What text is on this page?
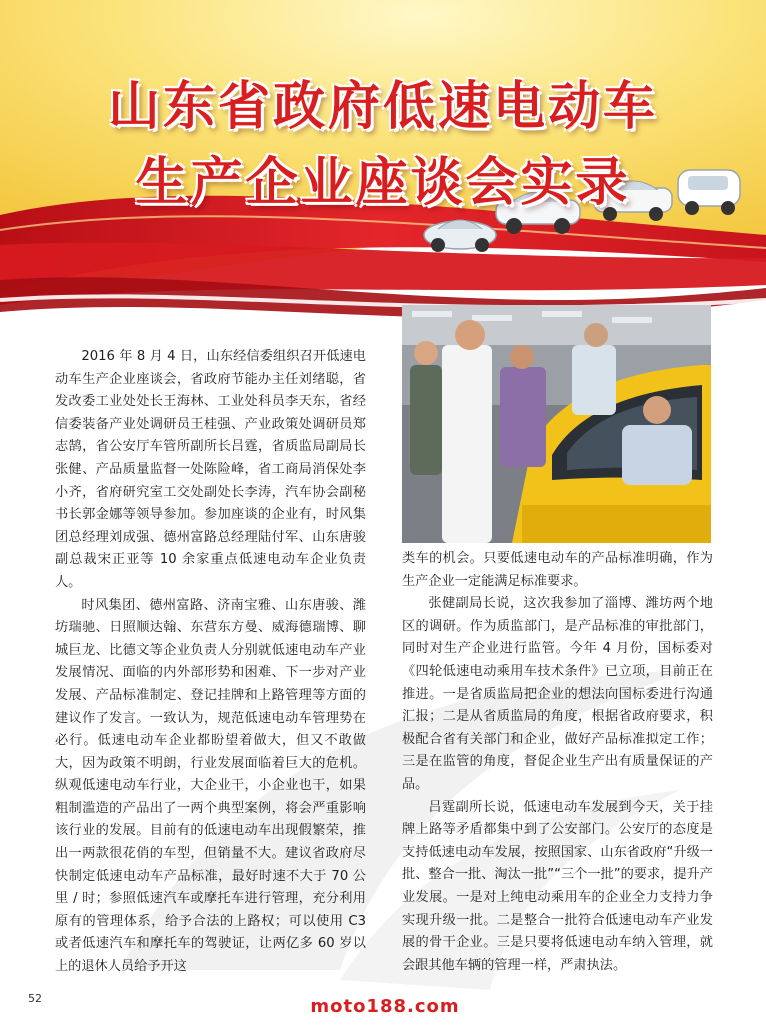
山东省政府低速电动车
生产企业座谈会实录

2016 年 8 月 4 日，山东经信委组织召开低速电动车生产企业座谈会，省政府节能办主任刘绪聪，省发改委工业处处长王海林、工业处科员李天东，省经信委装备产业处调研员王桂强、产业政策处调研员郑志鹄，省公安厅车管所副所长吕霆，省质监局副局长张健、产品质量监督一处陈险峰，省工商局消保处李小齐，省府研究室工交处副处长李涛，汽车协会副秘书长郭金娜等领导参加。参加座谈的企业有，时风集团总经理刘成强、德州富路总经理陆付军、山东唐骏副总裁宋正亚等 10 余家重点低速电动车企业负责人。

时风集团、德州富路、济南宝雅、山东唐骏、潍坊瑞驰、日照顺达翰、东营东方曼、威海德瑞博、聊城巨龙、比德文等企业负责人分别就低速电动车产业发展情况、面临的内外部形势和困难、下一步对产业发展、产品标准制定、登记挂牌和上路管理等方面的建议作了发言。一致认为，规范低速电动车管理势在必行。低速电动车企业都盼望着做大，但又不敢做大，因为政策不明朗，行业发展面临着巨大的危机。纵观低速电动车行业，大企业干，小企业也干，如果粗制滥造的产品出了一两个典型案例，将会严重影响该行业的发展。目前有的低速电动车出现假繁荣，推出一两款很花俏的车型，但销量不大。建议省政府尽快制定低速电动车产品标准，最好时速不大于 70 公里 / 时；参照低速汽车或摩托车进行管理，充分利用原有的管理体系，给予合法的上路权；可以使用 C3 或者低速汽车和摩托车的驾驶证，让两亿多 60 岁以上的退休人员给予开这

类车的机会。只要低速电动车的产品标准明确，作为生产企业一定能满足标准要求。

张健副局长说，这次我参加了淄博、潍坊两个地区的调研。作为质监部门，是产品标准的审批部门，同时对生产企业进行监管。今年 4 月份，国标委对《四轮低速电动乘用车技术条件》已立项，目前正在推进。一是省质监局把企业的想法向国标委进行沟通汇报；二是从省质监局的角度，根据省政府要求，积极配合省有关部门和企业，做好产品标准拟定工作；三是在监管的角度，督促企业生产出有质量保证的产品。

吕霆副所长说，低速电动车发展到今天，关于挂牌上路等矛盾都集中到了公安部门。公安厅的态度是支持低速电动车发展，按照国家、山东省政府“升级一批、整合一批、淘汰一批”“三个一批”的要求，提升产业发展。一是对上纯电动乘用车的企业全力支持力争实现升级一批。二是整合一批符合低速电动车产业发展的骨干企业。三是只要将低速电动车纳入管理，就会跟其他车辆的管理一样，严肃执法。

52	moto188.com
